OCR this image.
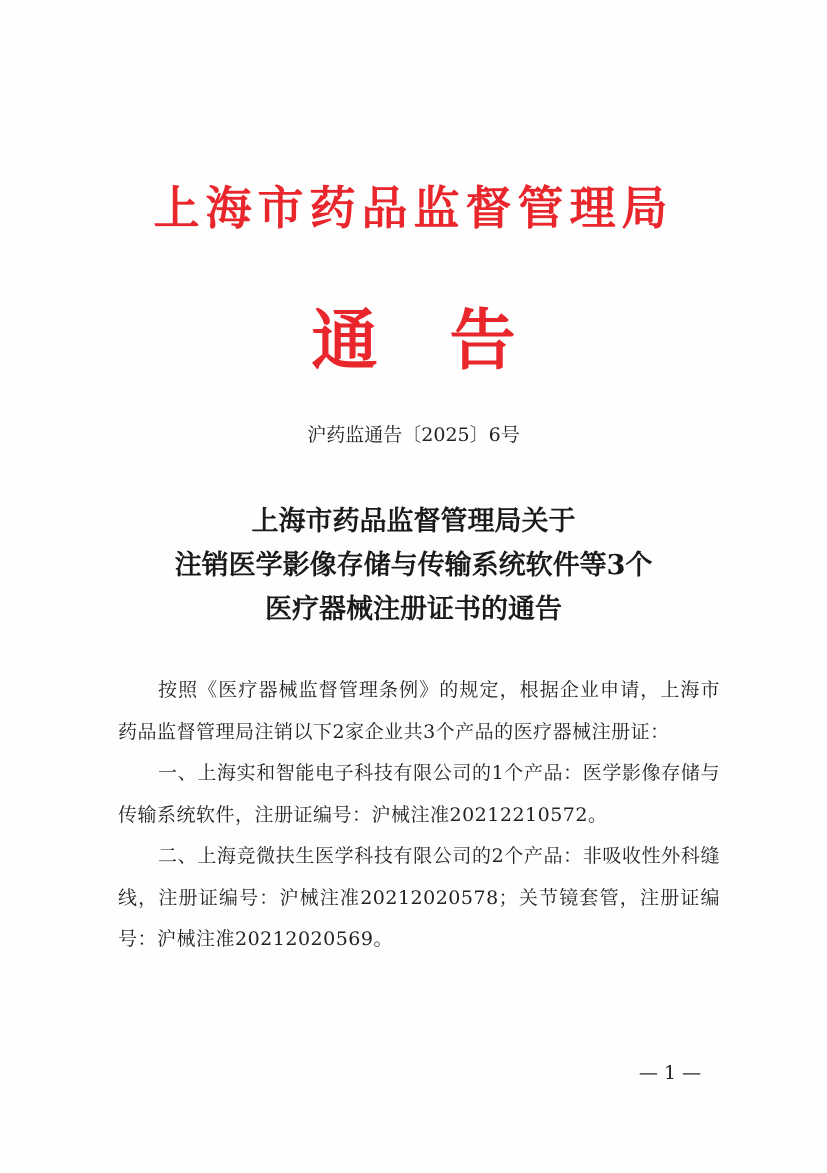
上海市药品监督管理局
通 告
沪药监通告〔2025〕6号
上海市药品监督管理局关于
注销医学影像存储与传输系统软件等3个
医疗器械注册证书的通告

按照《医疗器械监督管理条例》的规定，根据企业申请，上海市药品监督管理局注销以下2家企业共3个产品的医疗器械注册证：

一、上海实和智能电子科技有限公司的1个产品：医学影像存储与传输系统软件，注册证编号：沪械注准20212210572。

二、上海竞微扶生医学科技有限公司的2个产品：非吸收性外科缝线，注册证编号：沪械注准20212020578；关节镜套管，注册证编号：沪械注准20212020569。

— 1 —
